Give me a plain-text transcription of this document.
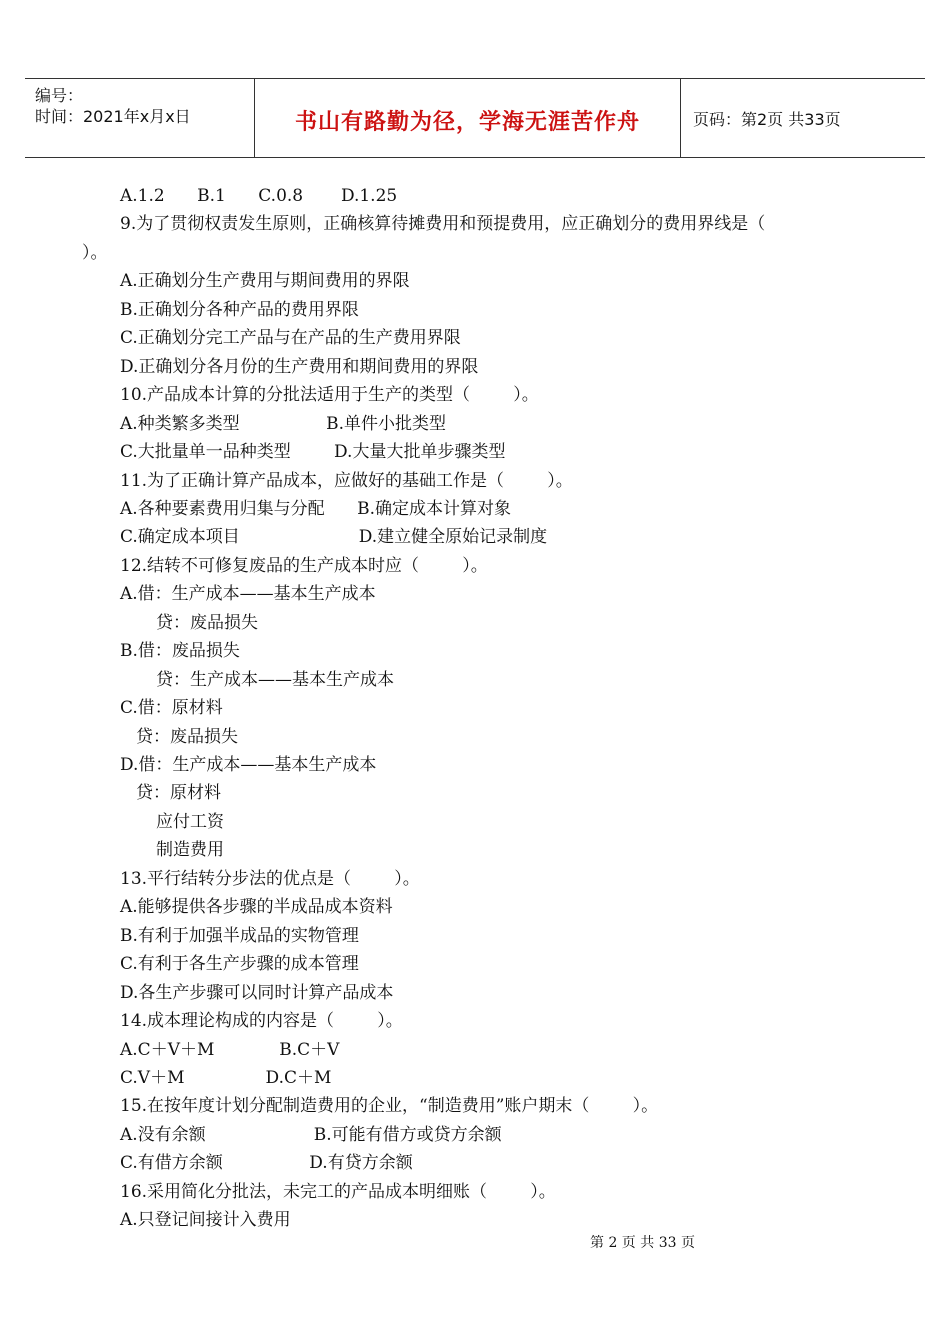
编号：
时间：2021年x月x日	书山有路勤为径，学海无涯苦作舟	页码：第2页 共33页
A.1.2      B.1      C.0.8       D.1.25
9.为了贯彻权责发生原则，正确核算待摊费用和预提费用，应正确划分的费用界线是（
）。
A.正确划分生产费用与期间费用的界限
B.正确划分各种产品的费用界限
C.正确划分完工产品与在产品的生产费用界限
D.正确划分各月份的生产费用和期间费用的界限
10.产品成本计算的分批法适用于生产的类型（        ）。
A.种类繁多类型                B.单件小批类型
C.大批量单一品种类型        D.大量大批单步骤类型
11.为了正确计算产品成本，应做好的基础工作是（        ）。
A.各种要素费用归集与分配      B.确定成本计算对象
C.确定成本项目                      D.建立健全原始记录制度
12.结转不可修复废品的生产成本时应（        ）。
A.借：生产成本——基本生产成本
贷：废品损失
B.借：废品损失
贷：生产成本——基本生产成本
C.借：原材料
贷：废品损失
D.借：生产成本——基本生产成本
贷：原材料
应付工资
制造费用
13.平行结转分步法的优点是（        ）。
A.能够提供各步骤的半成品成本资料
B.有利于加强半成品的实物管理
C.有利于各生产步骤的成本管理
D.各生产步骤可以同时计算产品成本
14.成本理论构成的内容是（        ）。
A.C＋V＋M            B.C＋V
C.V＋M               D.C＋M
15.在按年度计划分配制造费用的企业，“制造费用”账户期末（        ）。
A.没有余额                    B.可能有借方或贷方余额
C.有借方余额                D.有贷方余额
16.采用简化分批法，未完工的产品成本明细账（        ）。
A.只登记间接计入费用
第 2 页 共 33 页
